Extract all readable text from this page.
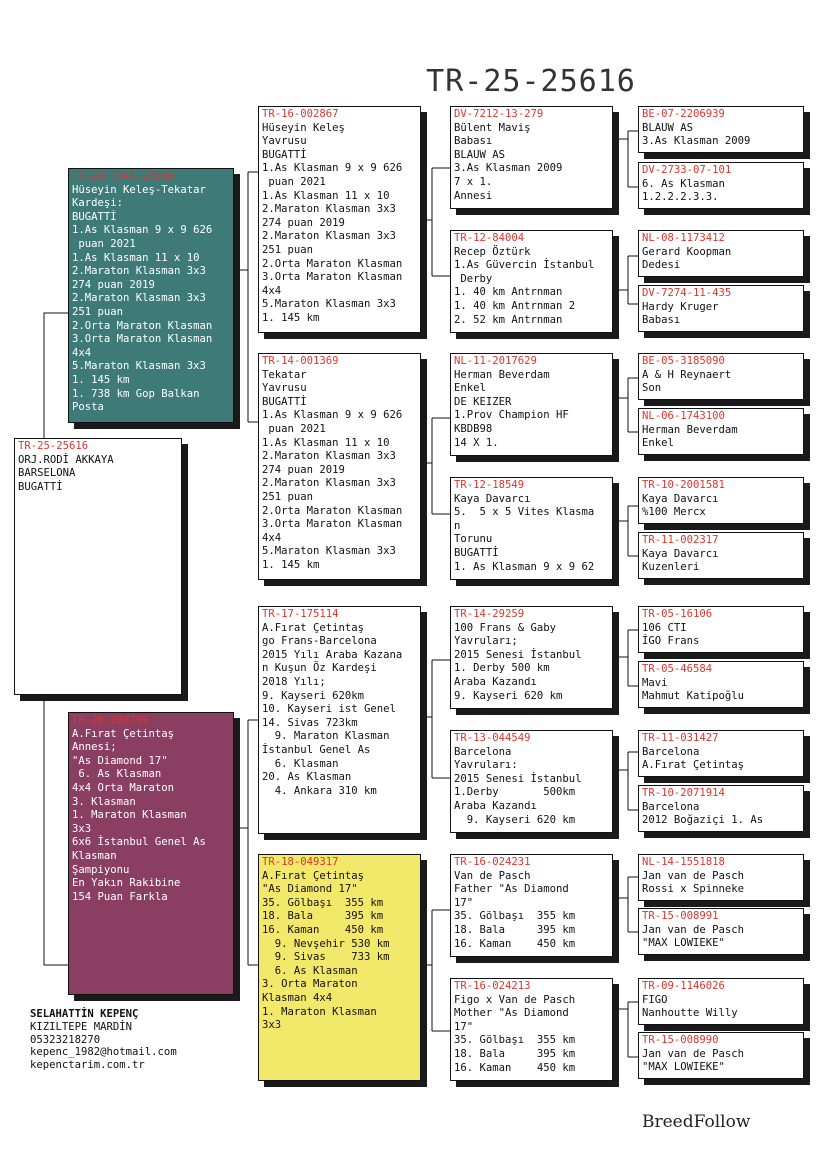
TR-25-25616
TR-25-25616
ORJ.RODİ AKKAYA
BARSELONA
BUGATTİ
TR-23-(34)-10916
Hüseyin Keleş-Tekatar
Kardeşi:
BUGATTİ
1.As Klasman 9 x 9 626
puan 2021
1.As Klasman 11 x 10
2.Maraton Klasman 3x3
274 puan 2019
2.Maraton Klasman 3x3
251 puan
2.Orta Maraton Klasman
3.Orta Maraton Klasman
4x4
5.Maraton Klasman 3x3
1. 145 km
1. 738 km Gop Balkan
Posta
TR-20-208799
A.Fırat Çetintaş
Annesi;
"As Diamond 17"
6. As Klasman
4x4 Orta Maraton
3. Klasman
1. Maraton Klasman
3x3
6x6 İstanbul Genel As
Klasman
Şampiyonu
En Yakın Rakibine
154 Puan Farkla
TR-16-002867
Hüseyin Keleş
Yavrusu
BUGATTİ
1.As Klasman 9 x 9 626
puan 2021
1.As Klasman 11 x 10
2.Maraton Klasman 3x3
274 puan 2019
2.Maraton Klasman 3x3
251 puan
2.Orta Maraton Klasman
3.Orta Maraton Klasman
4x4
5.Maraton Klasman 3x3
1. 145 km
TR-14-001369
Tekatar
Yavrusu
BUGATTİ
1.As Klasman 9 x 9 626
puan 2021
1.As Klasman 11 x 10
2.Maraton Klasman 3x3
274 puan 2019
2.Maraton Klasman 3x3
251 puan
2.Orta Maraton Klasman
3.Orta Maraton Klasman
4x4
5.Maraton Klasman 3x3
1. 145 km
TR-17-175114
A.Fırat Çetintaş
go Frans-Barcelona
2015 Yılı Araba Kazana
n Kuşun Öz Kardeşi
2018 Yılı;
9. Kayseri 620km
10. Kayseri ist Genel
14. Sivas 723km
9. Maraton Klasman
İstanbul Genel As
6. Klasman
20. As Klasman
4. Ankara 310 km
TR-18-049317
A.Fırat Çetintaş
"As Diamond 17"
35. Gölbaşı  355 km
18. Bala     395 km
16. Kaman    450 km
9. Nevşehir 530 km
9. Sivas    733 km
6. As Klasman
3. Orta Maraton
Klasman 4x4
1. Maraton Klasman
3x3
DV-7212-13-279
Bülent Maviş
Babası
BLAUW AS
3.As Klasman 2009
7 x 1.
Annesi
TR-12-84004
Recep Öztürk
1.As Güvercin İstanbul
Derby
1. 40 km Antrnman
1. 40 km Antrnman 2
2. 52 km Antrnman
NL-11-2017629
Herman Beverdam
Enkel
DE KEIZER
1.Prov Champion HF
KBDB98
14 X 1.
TR-12-18549
Kaya Davarcı
5.  5 x 5 Vites Klasma
n
Torunu
BUGATTİ
1. As Klasman 9 x 9 62
TR-14-29259
100 Frans & Gaby
Yavruları;
2015 Senesi İstanbul
1. Derby 500 km
Araba Kazandı
9. Kayseri 620 km
TR-13-044549
Barcelona
Yavruları:
2015 Senesi İstanbul
1.Derby       500km
Araba Kazandı
9. Kayseri 620 km
TR-16-024231
Van de Pasch
Father "As Diamond
17"
35. Gölbaşı  355 km
18. Bala     395 km
16. Kaman    450 km
TR-16-024213
Figo x Van de Pasch
Mother "As Diamond
17"
35. Gölbaşı  355 km
18. Bala     395 km
16. Kaman    450 km
BE-07-2206939
BLAUW AS
3.As Klasman 2009
DV-2733-07-101
6. As Klasman
1.2.2.2.3.3.
NL-08-1173412
Gerard Koopman
Dedesi
DV-7274-11-435
Hardy Kruger
Babası
BE-05-3185090
A & H Reynaert
Son
NL-06-1743100
Herman Beverdam
Enkel
TR-10-2001581
Kaya Davarcı
%100 Mercx
TR-11-002317
Kaya Davarcı
Kuzenleri
TR-05-16106
106 CTI
İGO Frans
TR-05-46584
Mavi
Mahmut Katipoğlu
TR-11-031427
Barcelona
A.Fırat Çetintaş
TR-10-2071914
Barcelona
2012 Boğaziçi 1. As
NL-14-1551818
Jan van de Pasch
Rossi x Spinneke
TR-15-008991
Jan van de Pasch
"MAX LOWIEKE"
TR-09-1146026
FIGO
Nanhoutte Willy
TR-15-008990
Jan van de Pasch
"MAX LOWIEKE"
SELAHATTİN KEPENÇ
KIZILTEPE MARDİN
05323218270
kepenc_1982@hotmail.com
kepenctarim.com.tr
BreedFollow
